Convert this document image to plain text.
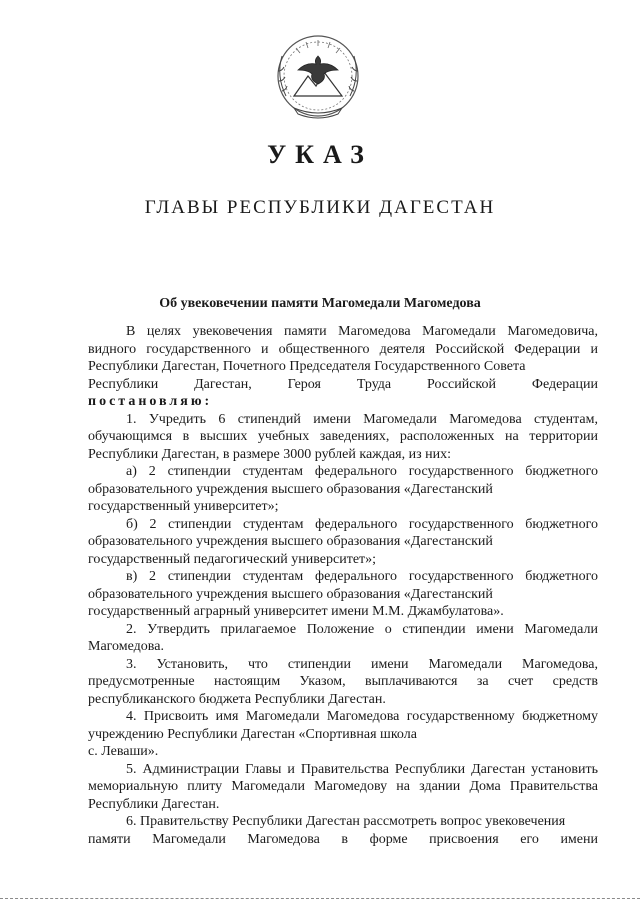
УКАЗ
ГЛАВЫ РЕСПУБЛИКИ ДАГЕСТАН
Об увековечении памяти Магомедали Магомедова

В целях увековечения памяти Магомедова Магомедали Магомедовича, видного государственного и общественного деятеля Российской Федерации и Республики Дагестан, Почетного Председателя Государственного Совета

Республики Дагестан, Героя Труда Российской Федерации

постановляю:

1. Учредить 6 стипендий имени Магомедали Магомедова студентам, обучающимся в высших учебных заведениях, расположенных на территории Республики Дагестан, в размере 3000 рублей каждая, из них:

а) 2 стипендии студентам федерального государственного бюджетного образовательного учреждения высшего образования «Дагестанский

государственный университет»;

б) 2 стипендии студентам федерального государственного бюджетного образовательного учреждения высшего образования «Дагестанский

государственный педагогический университет»;

в) 2 стипендии студентам федерального государственного бюджетного образовательного учреждения высшего образования «Дагестанский

государственный аграрный университет имени М.М. Джамбулатова».

2. Утвердить прилагаемое Положение о стипендии имени Магомедали Магомедова.

3. Установить, что стипендии имени Магомедали Магомедова, предусмотренные настоящим Указом, выплачиваются за счет средств республиканского бюджета Республики Дагестан.

4. Присвоить имя Магомедали Магомедова государственному бюджетному учреждению Республики Дагестан «Спортивная школа

с. Леваши».

5. Администрации Главы и Правительства Республики Дагестан установить мемориальную плиту Магомедали Магомедову на здании Дома Правительства Республики Дагестан.

6. Правительству Республики Дагестан рассмотреть вопрос увековечения

памяти Магомедали Магомедова в форме присвоения его имени
